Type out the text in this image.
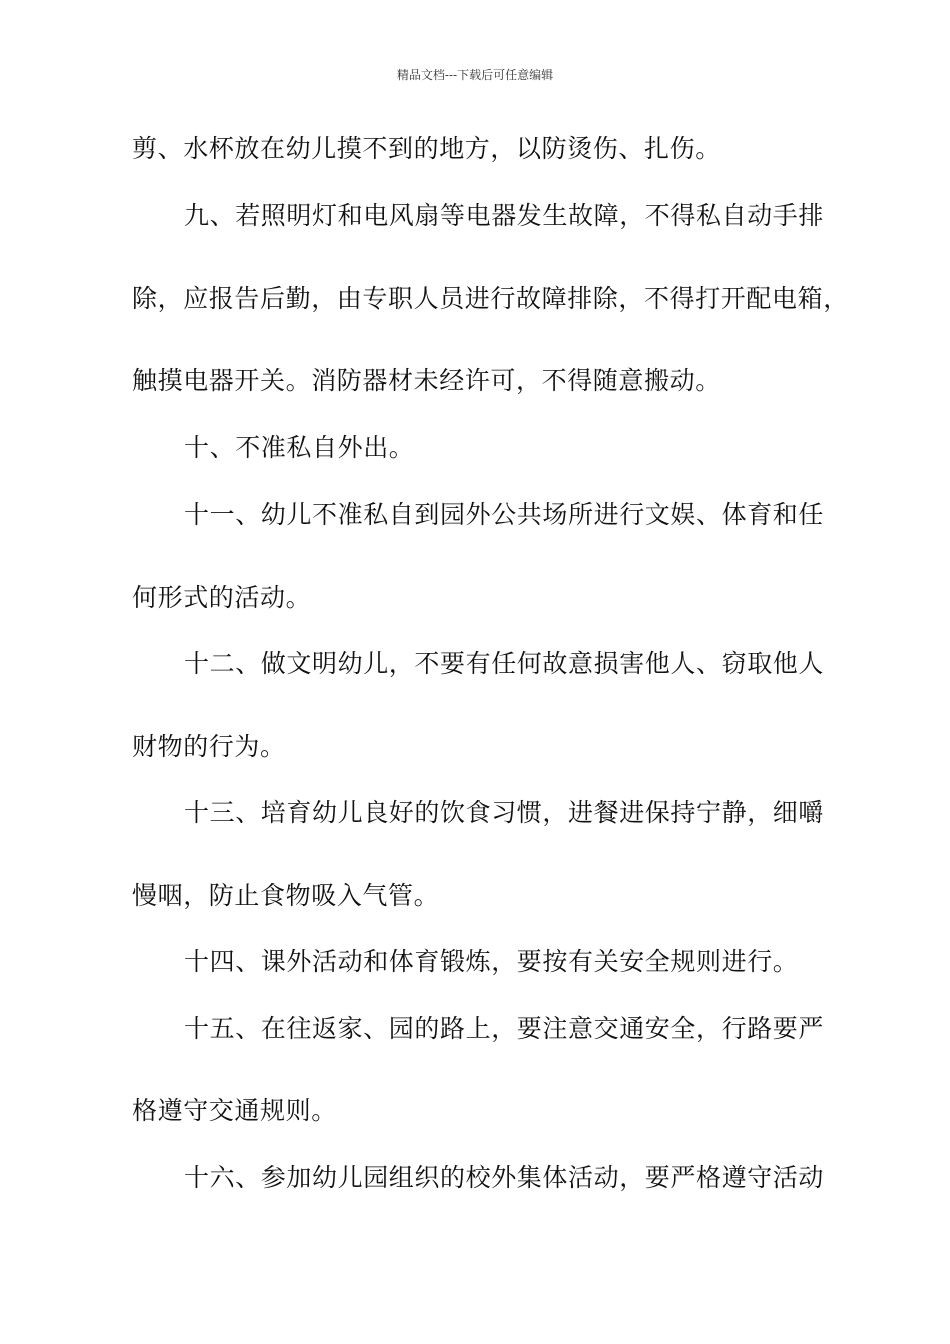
精品文档---下载后可任意编辑
剪、水杯放在幼儿摸不到的地方，以防烫伤、扎伤。
九、若照明灯和电风扇等电器发生故障，不得私自动手排
除，应报告后勤，由专职人员进行故障排除，不得打开配电箱，
触摸电器开关。消防器材未经许可，不得随意搬动。
十、不准私自外出。
十一、幼儿不准私自到园外公共场所进行文娱、体育和任
何形式的活动。
十二、做文明幼儿，不要有任何故意损害他人、窃取他人
财物的行为。
十三、培育幼儿良好的饮食习惯，进餐进保持宁静，细嚼
慢咽，防止食物吸入气管。
十四、课外活动和体育锻炼，要按有关安全规则进行。
十五、在往返家、园的路上，要注意交通安全，行路要严
格遵守交通规则。
十六、参加幼儿园组织的校外集体活动，要严格遵守活动
